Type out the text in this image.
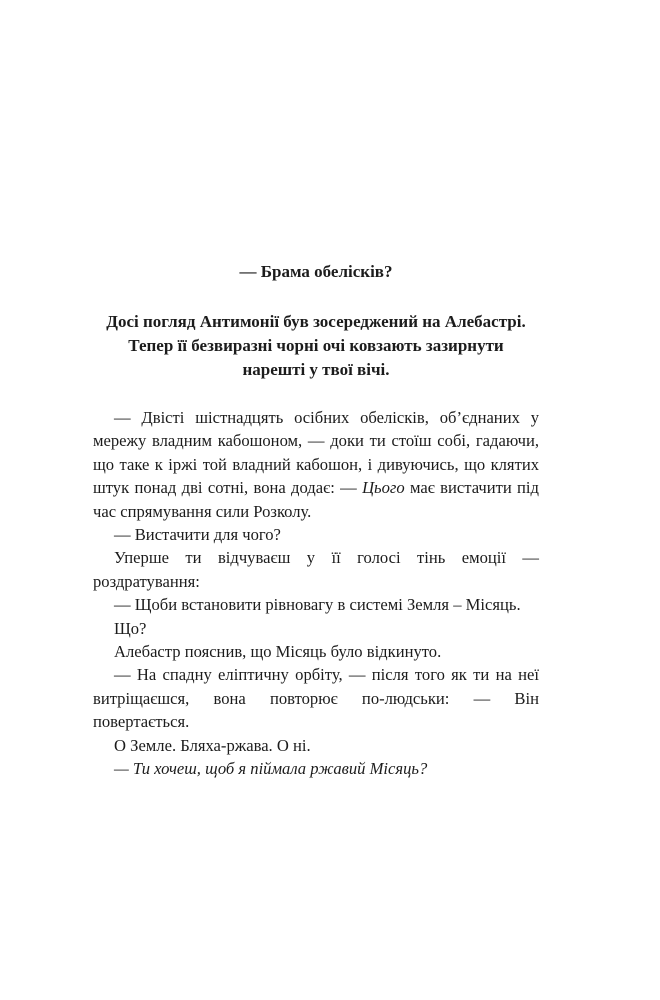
— Брама обелісків?

Досі погляд Антимонії був зосереджений на Алебастрі.
Тепер її безвиразні чорні очі ковзають зазирнути
нарешті у твої вічі.

— Двісті шістнадцять осібних обелісків, об’єднаних у мережу владним кабошоном, — доки ти стоїш собі, гадаючи, що таке к іржі той владний кабошон, і дивуючись, що клятих штук понад дві сотні, вона додає: — Цього має вистачити під час спрямування сили Розколу.

— Вистачити для чого?

Уперше ти відчуваєш у її голосі тінь емоції — роздратування:

— Щоби встановити рівновагу в системі Земля – Місяць.

Що?

Алебастр пояснив, що Місяць було відкинуто.

— На спадну еліптичну орбіту, — після того як ти на неї витріщаєшся, вона повторює по-людськи: — Він повертається.

О Земле. Бляха-ржава. О ні.

— Ти хочеш, щоб я піймала ржавий Місяць?
